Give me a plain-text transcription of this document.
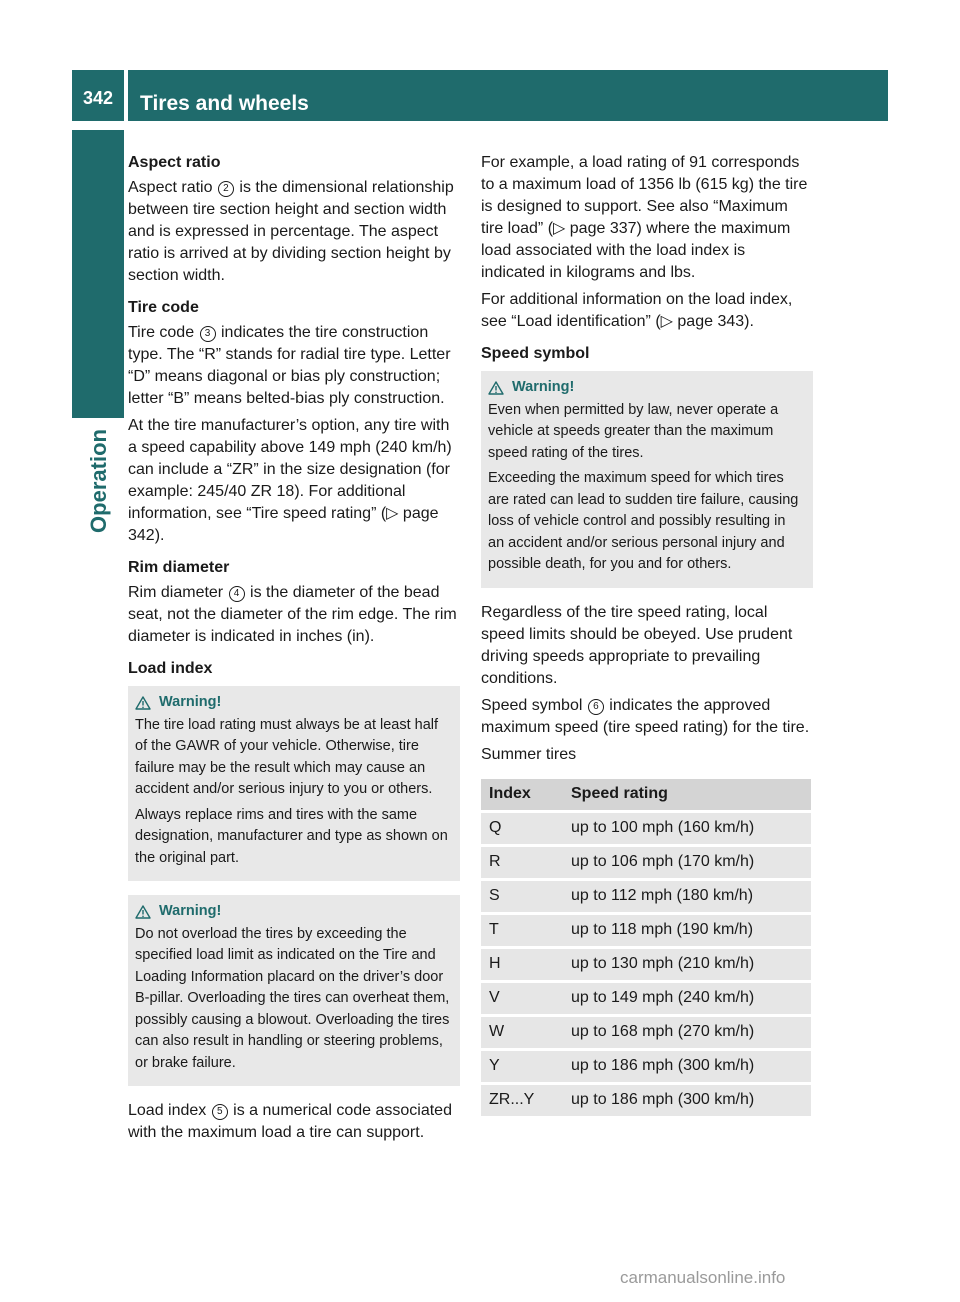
342	Tires and wheels
Operation
Aspect ratio

Aspect ratio 2 is the dimensional relationship between tire section height and section width and is expressed in percentage. The aspect ratio is arrived at by dividing section height by section width.

Tire code

Tire code 3 indicates the tire construction type. The “R” stands for radial tire type. Letter “D” means diagonal or bias ply construction; letter “B” means belted-bias ply construction.

At the tire manufacturer’s option, any tire with a speed capability above 149 mph (240 km/h) can include a “ZR” in the size designation (for example: 245/40 ZR 18). For additional information, see “Tire speed rating” (▷ page 342).

Rim diameter

Rim diameter 4 is the diameter of the bead seat, not the diameter of the rim edge. The rim diameter is indicated in inches (in).

Load index
Warning!

The tire load rating must always be at least half of the GAWR of your vehicle. Otherwise, tire failure may be the result which may cause an accident and/or serious injury to you or others.

Always replace rims and tires with the same designation, manufacturer and type as shown on the original part.

Warning!

Do not overload the tires by exceeding the specified load limit as indicated on the Tire and Loading Information placard on the driver’s door B-pillar. Overloading the tires can overheat them, possibly causing a blowout. Overloading the tires can also result in handling or steering problems, or brake failure.

Load index 5 is a numerical code associated with the maximum load a tire can support.

For example, a load rating of 91 corresponds to a maximum load of 1356 lb (615 kg) the tire is designed to support. See also “Maximum tire load” (▷ page 337) where the maximum load associated with the load index is indicated in kilograms and lbs.

For additional information on the load index, see “Load identification” (▷ page 343).

Speed symbol
Warning!

Even when permitted by law, never operate a vehicle at speeds greater than the maximum speed rating of the tires.

Exceeding the maximum speed for which tires are rated can lead to sudden tire failure, causing loss of vehicle control and possibly resulting in an accident and/or serious personal injury and possible death, for you and for others.

Regardless of the tire speed rating, local speed limits should be obeyed. Use prudent driving speeds appropriate to prevailing conditions.

Speed symbol 6 indicates the approved maximum speed (tire speed rating) for the tire.

Summer tires

Index	Speed rating
Q	up to 100 mph (160 km/h)
R	up to 106 mph (170 km/h)
S	up to 112 mph (180 km/h)
T	up to 118 mph (190 km/h)
H	up to 130 mph (210 km/h)
V	up to 149 mph (240 km/h)
W	up to 168 mph (270 km/h)
Y	up to 186 mph (300 km/h)
ZR...Y	up to 186 mph (300 km/h)
carmanualsonline.info
